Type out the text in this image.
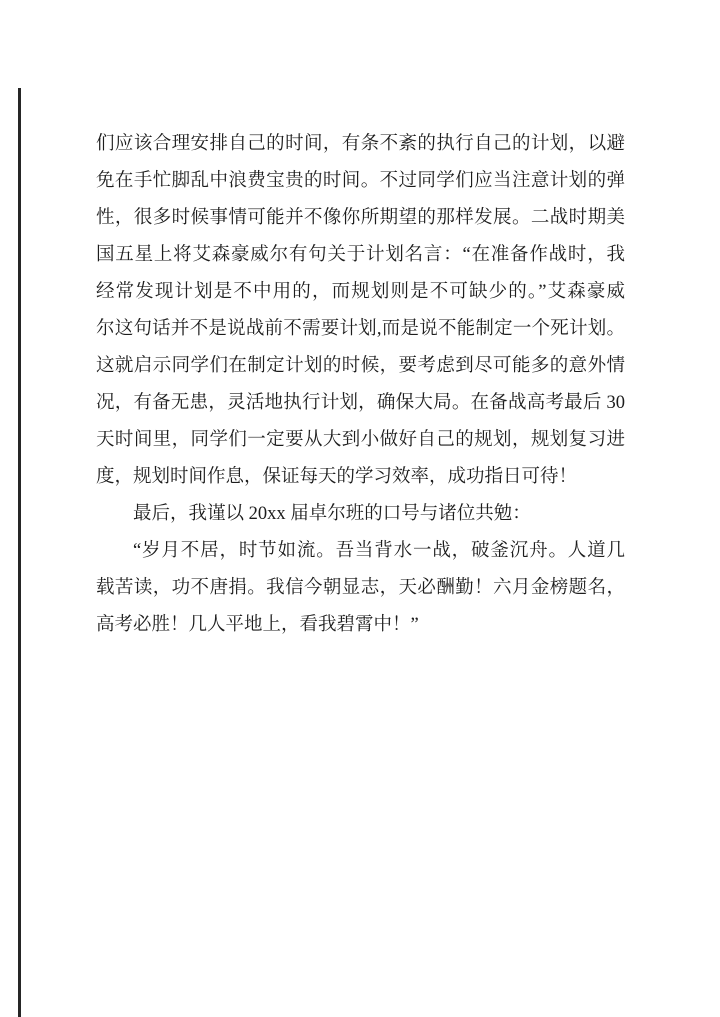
们应该合理安排自己的时间，有条不紊的执行自己的计划，以避
免在手忙脚乱中浪费宝贵的时间。不过同学们应当注意计划的弹
性，很多时候事情可能并不像你所期望的那样发展。二战时期美
国五星上将艾森豪威尔有句关于计划名言：“在准备作战时，我
经常发现计划是不中用的，而规划则是不可缺少的。”艾森豪威
尔这句话并不是说战前不需要计划,而是说不能制定一个死计划。
这就启示同学们在制定计划的时候，要考虑到尽可能多的意外情
况，有备无患，灵活地执行计划，确保大局。在备战高考最后 30
天时间里，同学们一定要从大到小做好自己的规划，规划复习进
度，规划时间作息，保证每天的学习效率，成功指日可待！
最后，我谨以 20xx 届卓尔班的口号与诸位共勉：
“岁月不居，时节如流。吾当背水一战，破釜沉舟。人道几
载苦读，功不唐捐。我信今朝显志，天必酬勤！六月金榜题名，
高考必胜！几人平地上，看我碧霄中！”
